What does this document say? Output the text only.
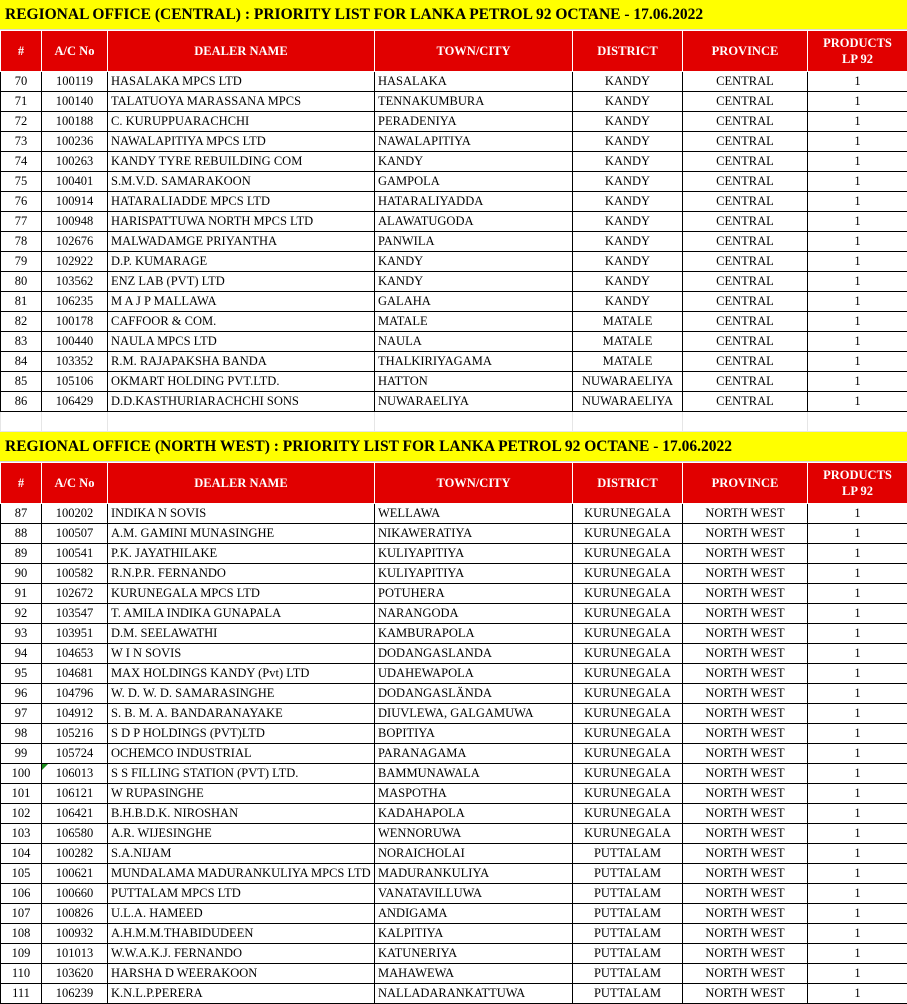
REGIONAL OFFICE (CENTRAL) : PRIORITY LIST FOR LANKA PETROL 92 OCTANE - 17.06.2022
#	A/C No	DEALER NAME	TOWN/CITY	DISTRICT	PROVINCE	PRODUCTS
LP 92
70	100119	HASALAKA MPCS LTD	HASALAKA	KANDY	CENTRAL	1
71	100140	TALATUOYA MARASSANA MPCS	TENNAKUMBURA	KANDY	CENTRAL	1
72	100188	C. KURUPPUARACHCHI	PERADENIYA	KANDY	CENTRAL	1
73	100236	NAWALAPITIYA MPCS LTD	NAWALAPITIYA	KANDY	CENTRAL	1
74	100263	KANDY TYRE REBUILDING COM	KANDY	KANDY	CENTRAL	1
75	100401	S.M.V.D. SAMARAKOON	GAMPOLA	KANDY	CENTRAL	1
76	100914	HATARALIADDE MPCS LTD	HATARALIYADDA	KANDY	CENTRAL	1
77	100948	HARISPATTUWA NORTH MPCS LTD	ALAWATUGODA	KANDY	CENTRAL	1
78	102676	MALWADAMGE PRIYANTHA	PANWILA	KANDY	CENTRAL	1
79	102922	D.P. KUMARAGE	KANDY	KANDY	CENTRAL	1
80	103562	ENZ LAB (PVT) LTD	KANDY	KANDY	CENTRAL	1
81	106235	M A J P MALLAWA	GALAHA	KANDY	CENTRAL	1
82	100178	CAFFOOR & COM.	MATALE	MATALE	CENTRAL	1
83	100440	NAULA MPCS LTD	NAULA	MATALE	CENTRAL	1
84	103352	R.M. RAJAPAKSHA BANDA	THALKIRIYAGAMA	MATALE	CENTRAL	1
85	105106	OKMART HOLDING PVT.LTD.	HATTON	NUWARAELIYA	CENTRAL	1
86	106429	D.D.KASTHURIARACHCHI SONS	NUWARAELIYA	NUWARAELIYA	CENTRAL	1

REGIONAL OFFICE (NORTH WEST) : PRIORITY LIST FOR LANKA PETROL 92 OCTANE - 17.06.2022
#	A/C No	DEALER NAME	TOWN/CITY	DISTRICT	PROVINCE	PRODUCTS
LP 92
87	100202	INDIKA N SOVIS	WELLAWA	KURUNEGALA	NORTH WEST	1
88	100507	A.M. GAMINI MUNASINGHE	NIKAWERATIYA	KURUNEGALA	NORTH WEST	1
89	100541	P.K. JAYATHILAKE	KULIYAPITIYA	KURUNEGALA	NORTH WEST	1
90	100582	R.N.P.R. FERNANDO	KULIYAPITIYA	KURUNEGALA	NORTH WEST	1
91	102672	KURUNEGALA MPCS LTD	POTUHERA	KURUNEGALA	NORTH WEST	1
92	103547	T. AMILA INDIKA GUNAPALA	NARANGODA	KURUNEGALA	NORTH WEST	1
93	103951	D.M. SEELAWATHI	KAMBURAPOLA	KURUNEGALA	NORTH WEST	1
94	104653	W I N SOVIS	DODANGASLANDA	KURUNEGALA	NORTH WEST	1
95	104681	MAX HOLDINGS KANDY (Pvt) LTD	UDAHEWAPOLA	KURUNEGALA	NORTH WEST	1
96	104796	W. D. W. D. SAMARASINGHE	DODANGASLÄNDA	KURUNEGALA	NORTH WEST	1
97	104912	S. B. M. A. BANDARANAYAKE	DIUVLEWA, GALGAMUWA	KURUNEGALA	NORTH WEST	1
98	105216	S D P HOLDINGS (PVT)LTD	BOPITIYA	KURUNEGALA	NORTH WEST	1
99	105724	OCHEMCO INDUSTRIAL	PARANAGAMA	KURUNEGALA	NORTH WEST	1
100	106013	S S FILLING STATION (PVT) LTD.	BAMMUNAWALA	KURUNEGALA	NORTH WEST	1
101	106121	W RUPASINGHE	MASPOTHA	KURUNEGALA	NORTH WEST	1
102	106421	B.H.B.D.K. NIROSHAN	KADAHAPOLA	KURUNEGALA	NORTH WEST	1
103	106580	A.R. WIJESINGHE	WENNORUWA	KURUNEGALA	NORTH WEST	1
104	100282	S.A.NIJAM	NORAICHOLAI	PUTTALAM	NORTH WEST	1
105	100621	MUNDALAMA MADURANKULIYA MPCS LTD	MADURANKULIYA	PUTTALAM	NORTH WEST	1
106	100660	PUTTALAM MPCS LTD	VANATAVILLUWA	PUTTALAM	NORTH WEST	1
107	100826	U.L.A. HAMEED	ANDIGAMA	PUTTALAM	NORTH WEST	1
108	100932	A.H.M.M.THABIDUDEEN	KALPITIYA	PUTTALAM	NORTH WEST	1
109	101013	W.W.A.K.J. FERNANDO	KATUNERIYA	PUTTALAM	NORTH WEST	1
110	103620	HARSHA D WEERAKOON	MAHAWEWA	PUTTALAM	NORTH WEST	1
111	106239	K.N.L.P.PERERA	NALLADARANKATTUWA	PUTTALAM	NORTH WEST	1
